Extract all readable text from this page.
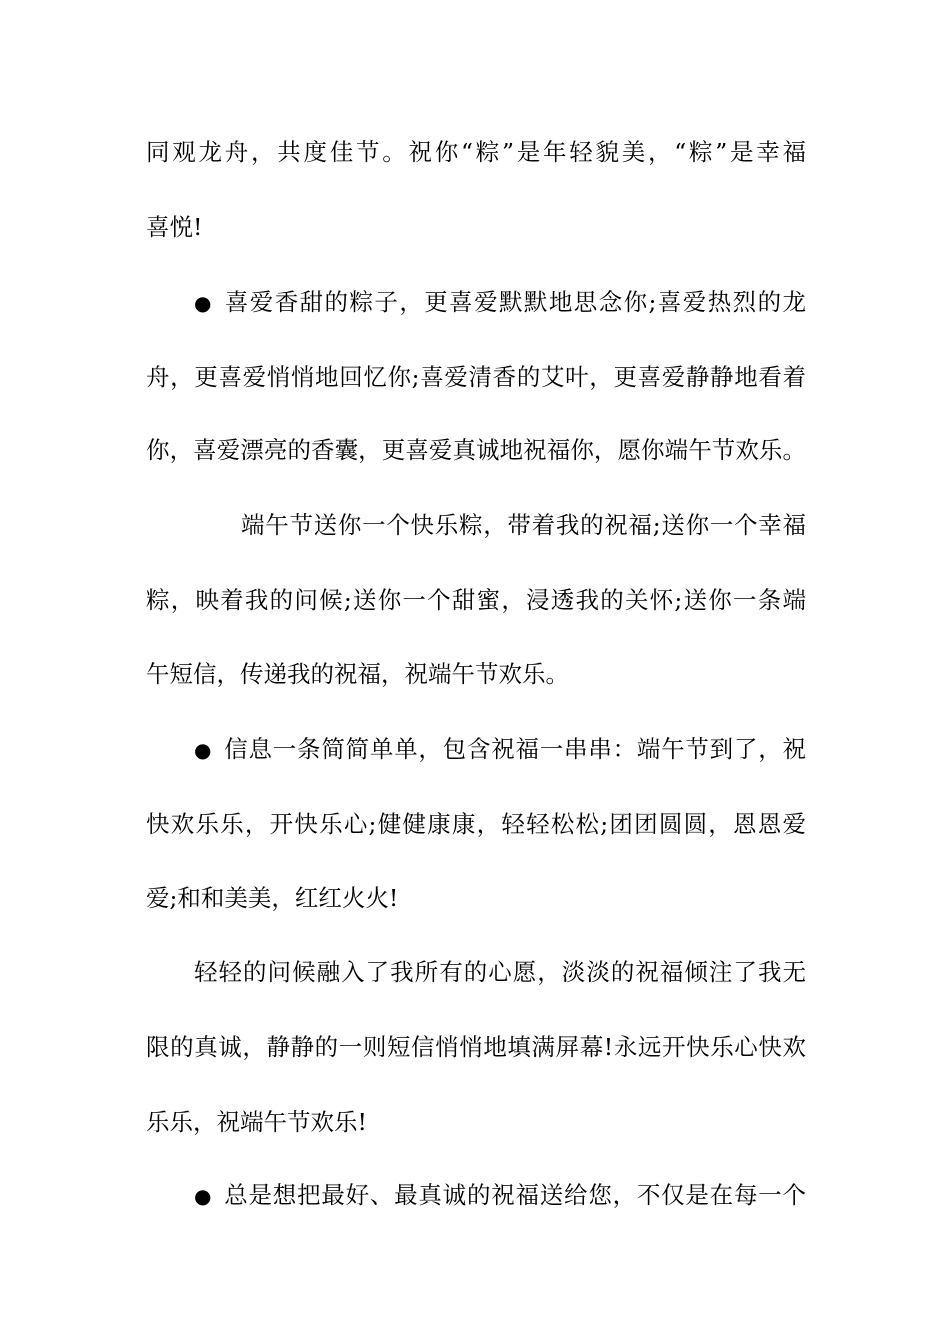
同观龙舟，共度佳节。祝你“粽”是年轻貌美，“粽”是幸福
喜悦!
● 喜爱香甜的粽子，更喜爱默默地思念你;喜爱热烈的龙
舟，更喜爱悄悄地回忆你;喜爱清香的艾叶，更喜爱静静地看着
你，喜爱漂亮的香囊，更喜爱真诚地祝福你，愿你端午节欢乐。
端午节送你一个快乐粽，带着我的祝福;送你一个幸福
粽，映着我的问候;送你一个甜蜜，浸透我的关怀;送你一条端
午短信，传递我的祝福，祝端午节欢乐。
● 信息一条简简单单，包含祝福一串串：端午节到了，祝
快欢乐乐，开快乐心;健健康康，轻轻松松;团团圆圆，恩恩爱
爱;和和美美，红红火火!
轻轻的问候融入了我所有的心愿，淡淡的祝福倾注了我无
限的真诚，静静的一则短信悄悄地填满屏幕!永远开快乐心快欢
乐乐，祝端午节欢乐!
● 总是想把最好、最真诚的祝福送给您，不仅是在每一个
